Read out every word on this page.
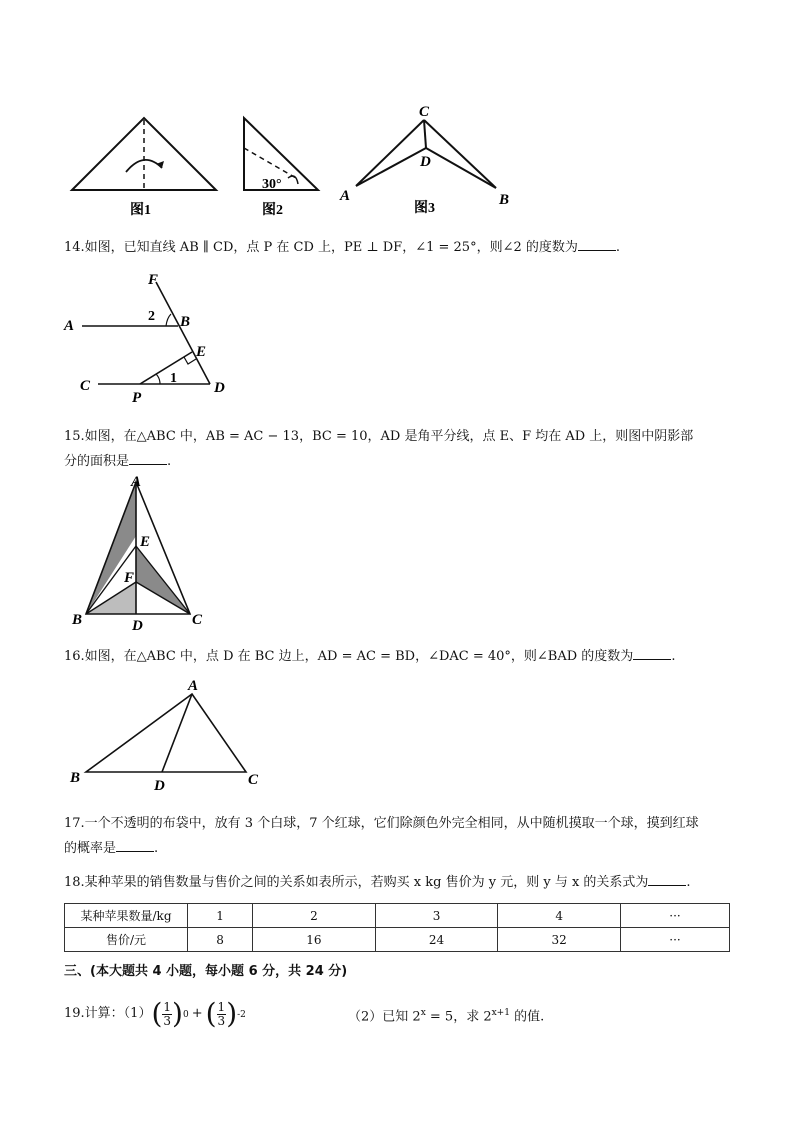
图1
30°
图2
C
D
A	B
图3
14.如图，已知直线 AB ∥ CD，点 P 在 CD 上，PE ⊥ DF，∠1 = 25°，则∠2 的度数为	.
F
2
A	B
E
C	1
D
P
15.如图，在△ABC 中，AB = AC − 13，BC = 10，AD 是角平分线，点 E、F 均在 AD 上，则图中阴影部
分的面积是	.
A
E
F
B	D	C
16.如图，在△ABC 中，点 D 在 BC 边上，AD = AC = BD，∠DAC = 40°，则∠BAD 的度数为	.
A
B	D	C
17.一个不透明的布袋中，放有 3 个白球，7 个红球，它们除颜色外完全相同，从中随机摸取一个球，摸到红球
的概率是	.
18.某种苹果的销售数量与售价之间的关系如表所示，若购买 x kg 售价为 y 元，则 y 与 x 的关系式为	.
某种苹果数量/kg	1	2	3	4	···
售价/元	8	16	24	32	···
三、(本大题共 4 小题，每小题 6 分，共 24 分)
19.计算：（1） ( $\frac{1}{3}$ ) 0 + ( $\frac{1}{3}$ ) -2	（2）已知 $2^x = 5$，求 $2^{x+1}$ 的值.
